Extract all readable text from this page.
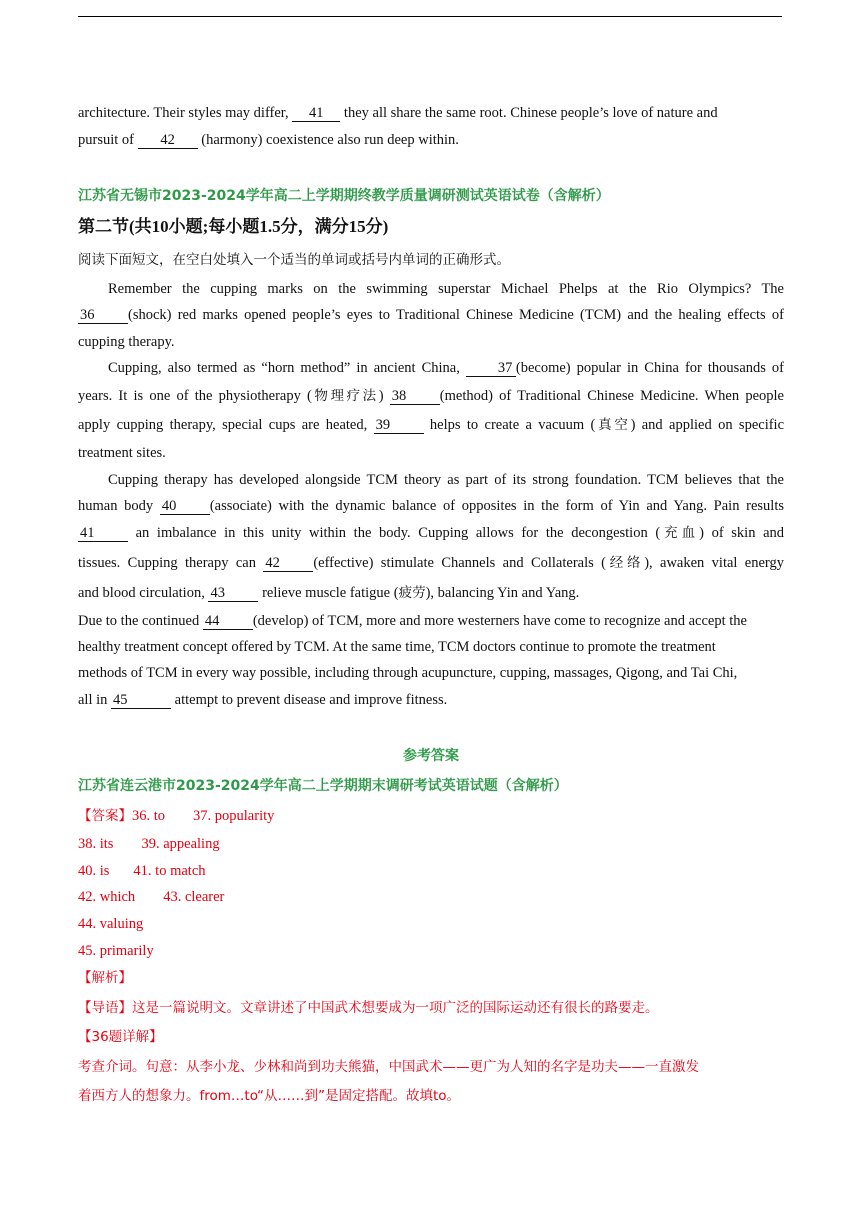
architecture. Their styles may differ, 41 they all share the same root. Chinese people’s love of nature and

pursuit of 42 (harmony) coexistence also run deep within.

江苏省无锡市2023-2024学年高二上学期期终教学质量调研测试英语试卷（含解析）

第二节(共10小题;每小题1.5分，满分15分)

阅读下面短文，在空白处填入一个适当的单词或括号内单词的正确形式。

Remember the cupping marks on the swimming superstar Michael Phelps at the Rio Olympics? The

36 (shock) red marks opened people’s eyes to Traditional Chinese Medicine (TCM) and the healing effects of

cupping therapy.

Cupping, also termed as “horn method” in ancient China, 37 (become) popular in China for thousands of

years. It is one of the physiotherapy (物理疗法) 38 (method) of Traditional Chinese Medicine. When people

apply cupping therapy, special cups are heated, 39 helps to create a vacuum (真空) and applied on specific

treatment sites.

Cupping therapy has developed alongside TCM theory as part of its strong foundation. TCM believes that the

human body 40 (associate) with the dynamic balance of opposites in the form of Yin and Yang. Pain results

41 an imbalance in this unity within the body. Cupping allows for the decongestion (充血) of skin and

tissues. Cupping therapy can 42 (effective) stimulate Channels and Collaterals (经络), awaken vital energy

and blood circulation, 43 relieve muscle fatigue (疲劳), balancing Yin and Yang.

Due to the continued 44 (develop) of TCM, more and more westerners have come to recognize and accept the

healthy treatment concept offered by TCM. At the same time, TCM doctors continue to promote the treatment

methods of TCM in every way possible, including through acupuncture, cupping, massages, Qigong, and Tai Chi,

all in 45	attempt to prevent disease and improve fitness.

参考答案

江苏省连云港市2023-2024学年高二上学期期末调研考试英语试题（含解析）

【答案】36. to 37. popularity

38. its 39. appealing

40. is 41. to match

42. which 43. clearer

44. valuing

45. primarily

【解析】

【导语】这是一篇说明文。文章讲述了中国武术想要成为一项广泛的国际运动还有很长的路要走。

【36题详解】

考查介词。句意：从李小龙、少林和尚到功夫熊猫，中国武术——更广为人知的名字是功夫——一直激发

着西方人的想象力。from…to“从……到”是固定搭配。故填to。
